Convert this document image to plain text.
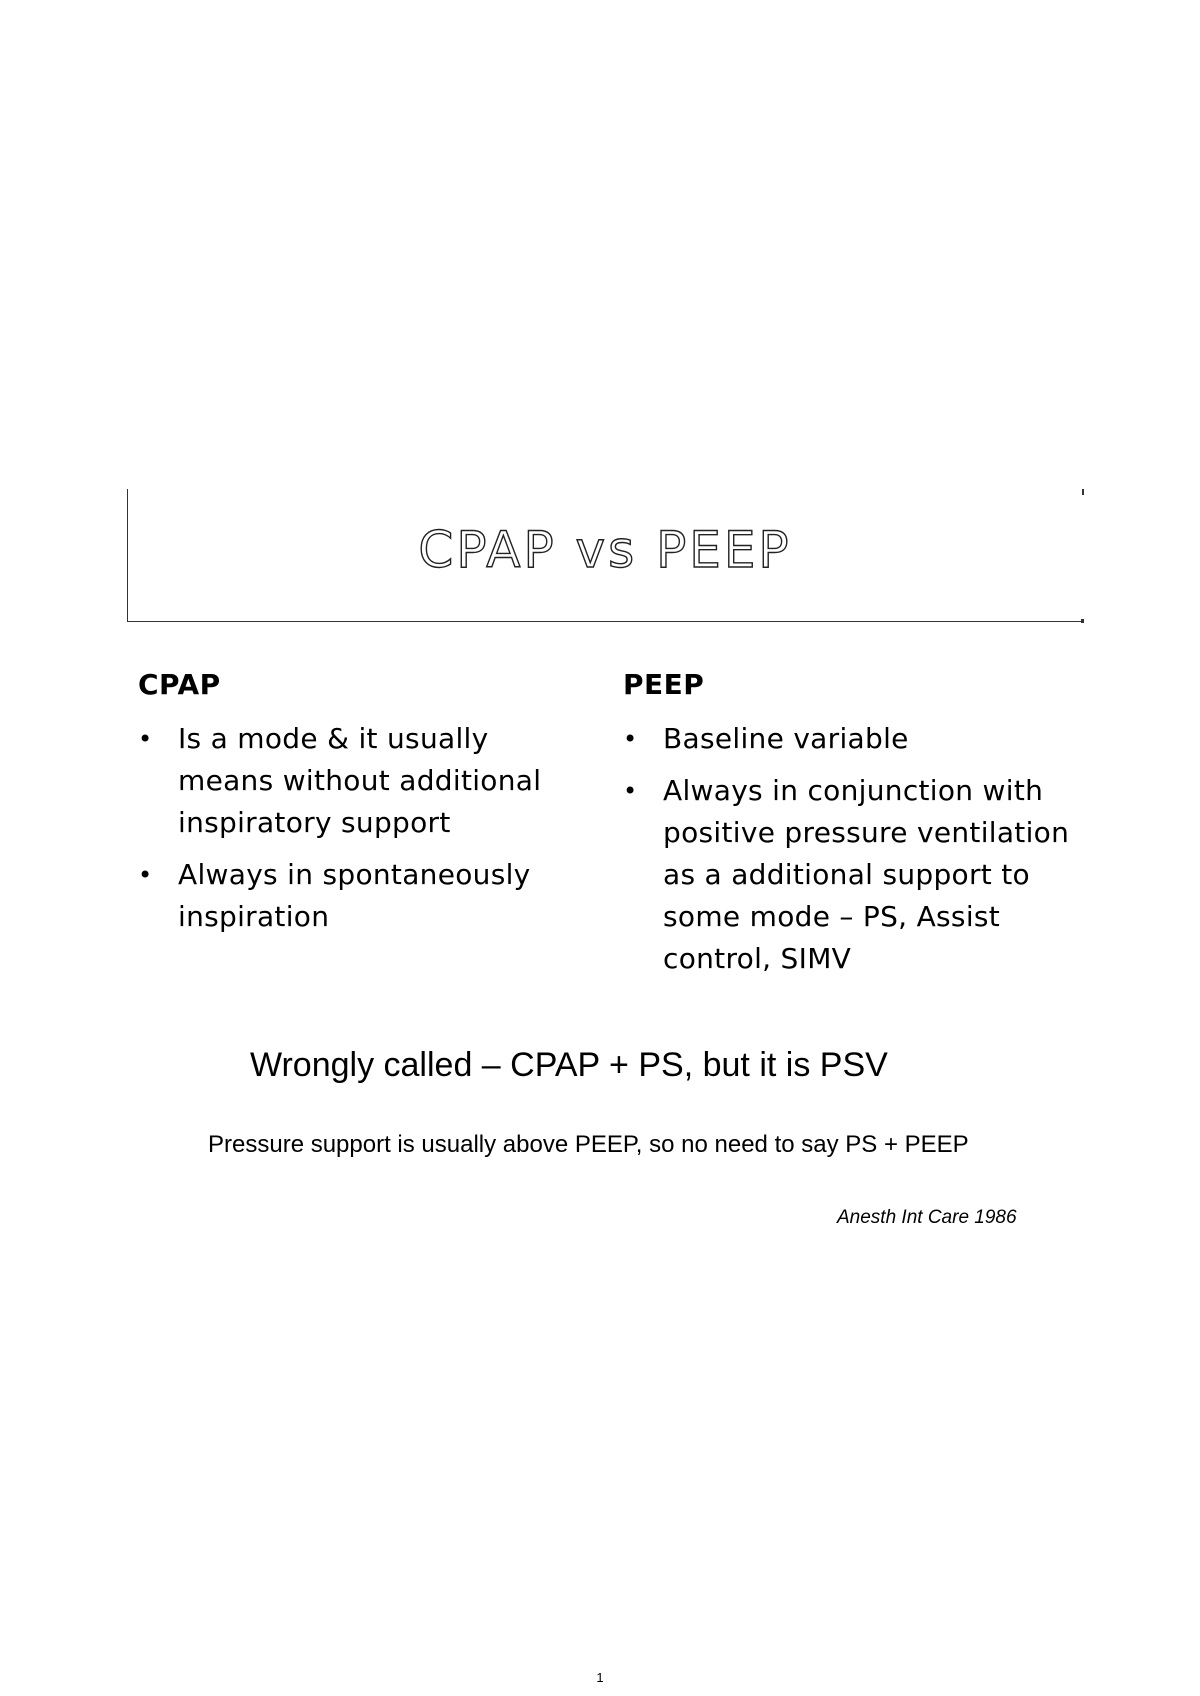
CPAP vs PEEP
CPAP
• Is a mode & it usually means without additional inspiratory support
• Always in spontaneously inspiration
PEEP
• Baseline variable
• Always in conjunction with positive pressure ventilation as a additional support to some mode – PS, Assist control, SIMV
Wrongly called – CPAP + PS, but it is PSV
Pressure support is usually above PEEP, so no need to say PS + PEEP
Anesth Int Care 1986
1
